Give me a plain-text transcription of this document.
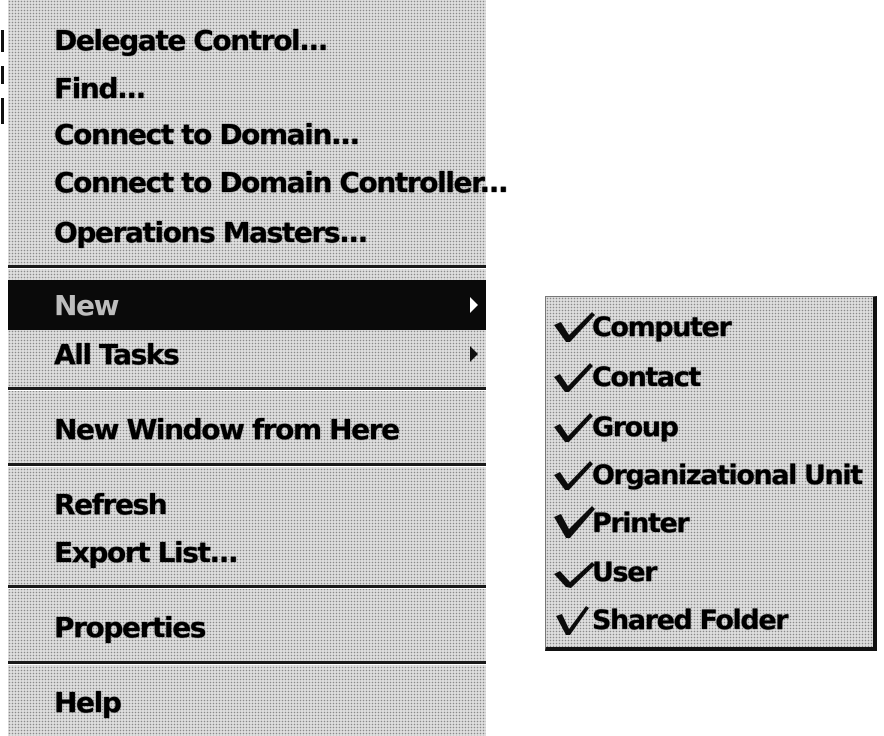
Delegate Control...
Find...
Connect to Domain...
Connect to Domain Controller...
Operations Masters...
New
All Tasks
New Window from Here
Refresh
Export List...
Properties
Help
Computer
Contact
Group
Organizational Unit
Printer
User
Shared Folder
